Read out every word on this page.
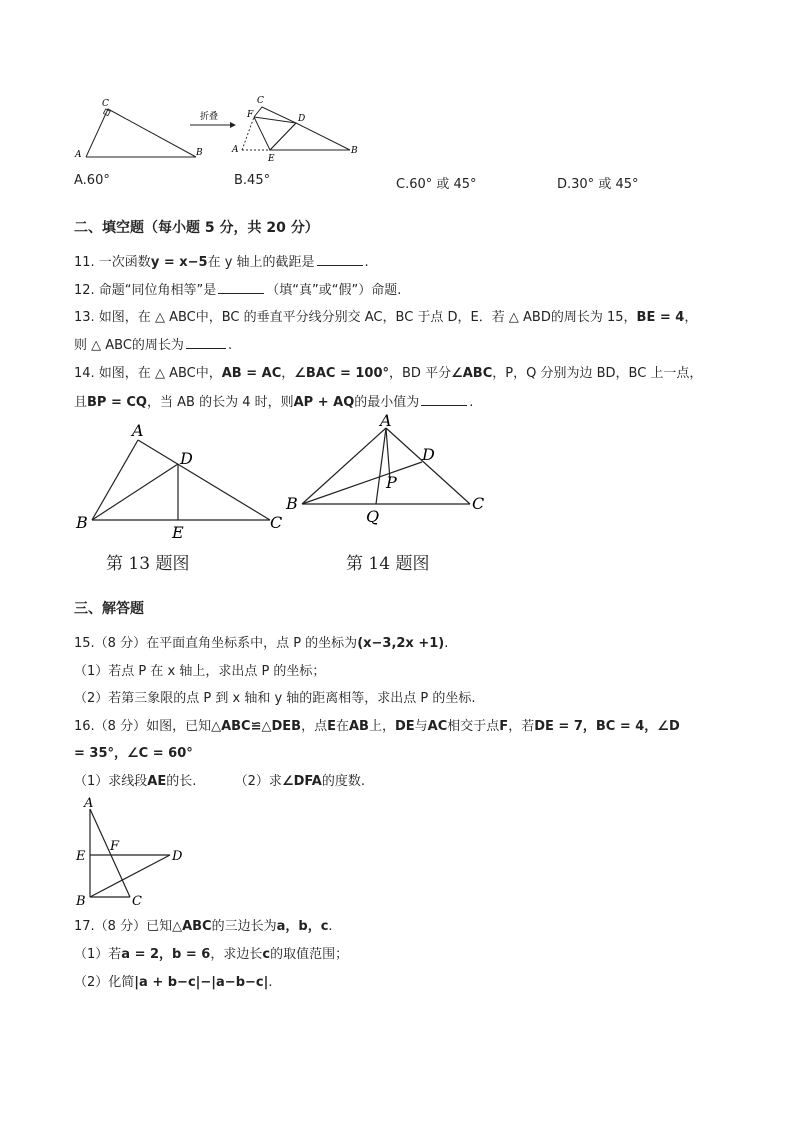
C
A	B
折叠
C
F	D
A
E
B
A.60°	B.45°	C.60° 或 45°	D.30° 或 45°
二、填空题（每小题 5 分，共 20 分）
11. 一次函数y = x−5在 y 轴上的截距是	.
12. 命题“同位角相等”是	（填“真”或“假”）命题.
13. 如图，在 △ ABC中，BC 的垂直平分线分别交 AC，BC 于点 D，E．若 △ ABD的周长为 15，BE = 4，
则 △ ABC的周长为	.
14. 如图，在 △ ABC中，AB = AC，∠BAC = 100°，BD 平分∠ABC，P，Q 分别为边 BD，BC 上一点，
且BP = CQ，当 AB 的长为 4 时，则AP + AQ的最小值为	.
A
D
B
E
C
第 13 题图
A
D
P
B
Q
C
第 14 题图
三、解答题
15.（8 分）在平面直角坐标系中，点 P 的坐标为(x−3,2x +1).
（1）若点 P 在 x 轴上，求出点 P 的坐标；
（2）若第三象限的点 P 到 x 轴和 y 轴的距离相等，求出点 P 的坐标.
16.（8 分）如图，已知△ABC≌△DEB，点E在AB上，DE与AC相交于点F，若DE = 7，BC = 4，∠D
= 35°，∠C = 60°
（1）求线段AE的长.	（2）求∠DFA的度数.
A
F
E	D
B	C
17.（8 分）已知△ABC的三边长为a，b，c.
（1）若a = 2，b = 6，求边长c的取值范围；
（2）化简|a + b−c|−|a−b−c|.
